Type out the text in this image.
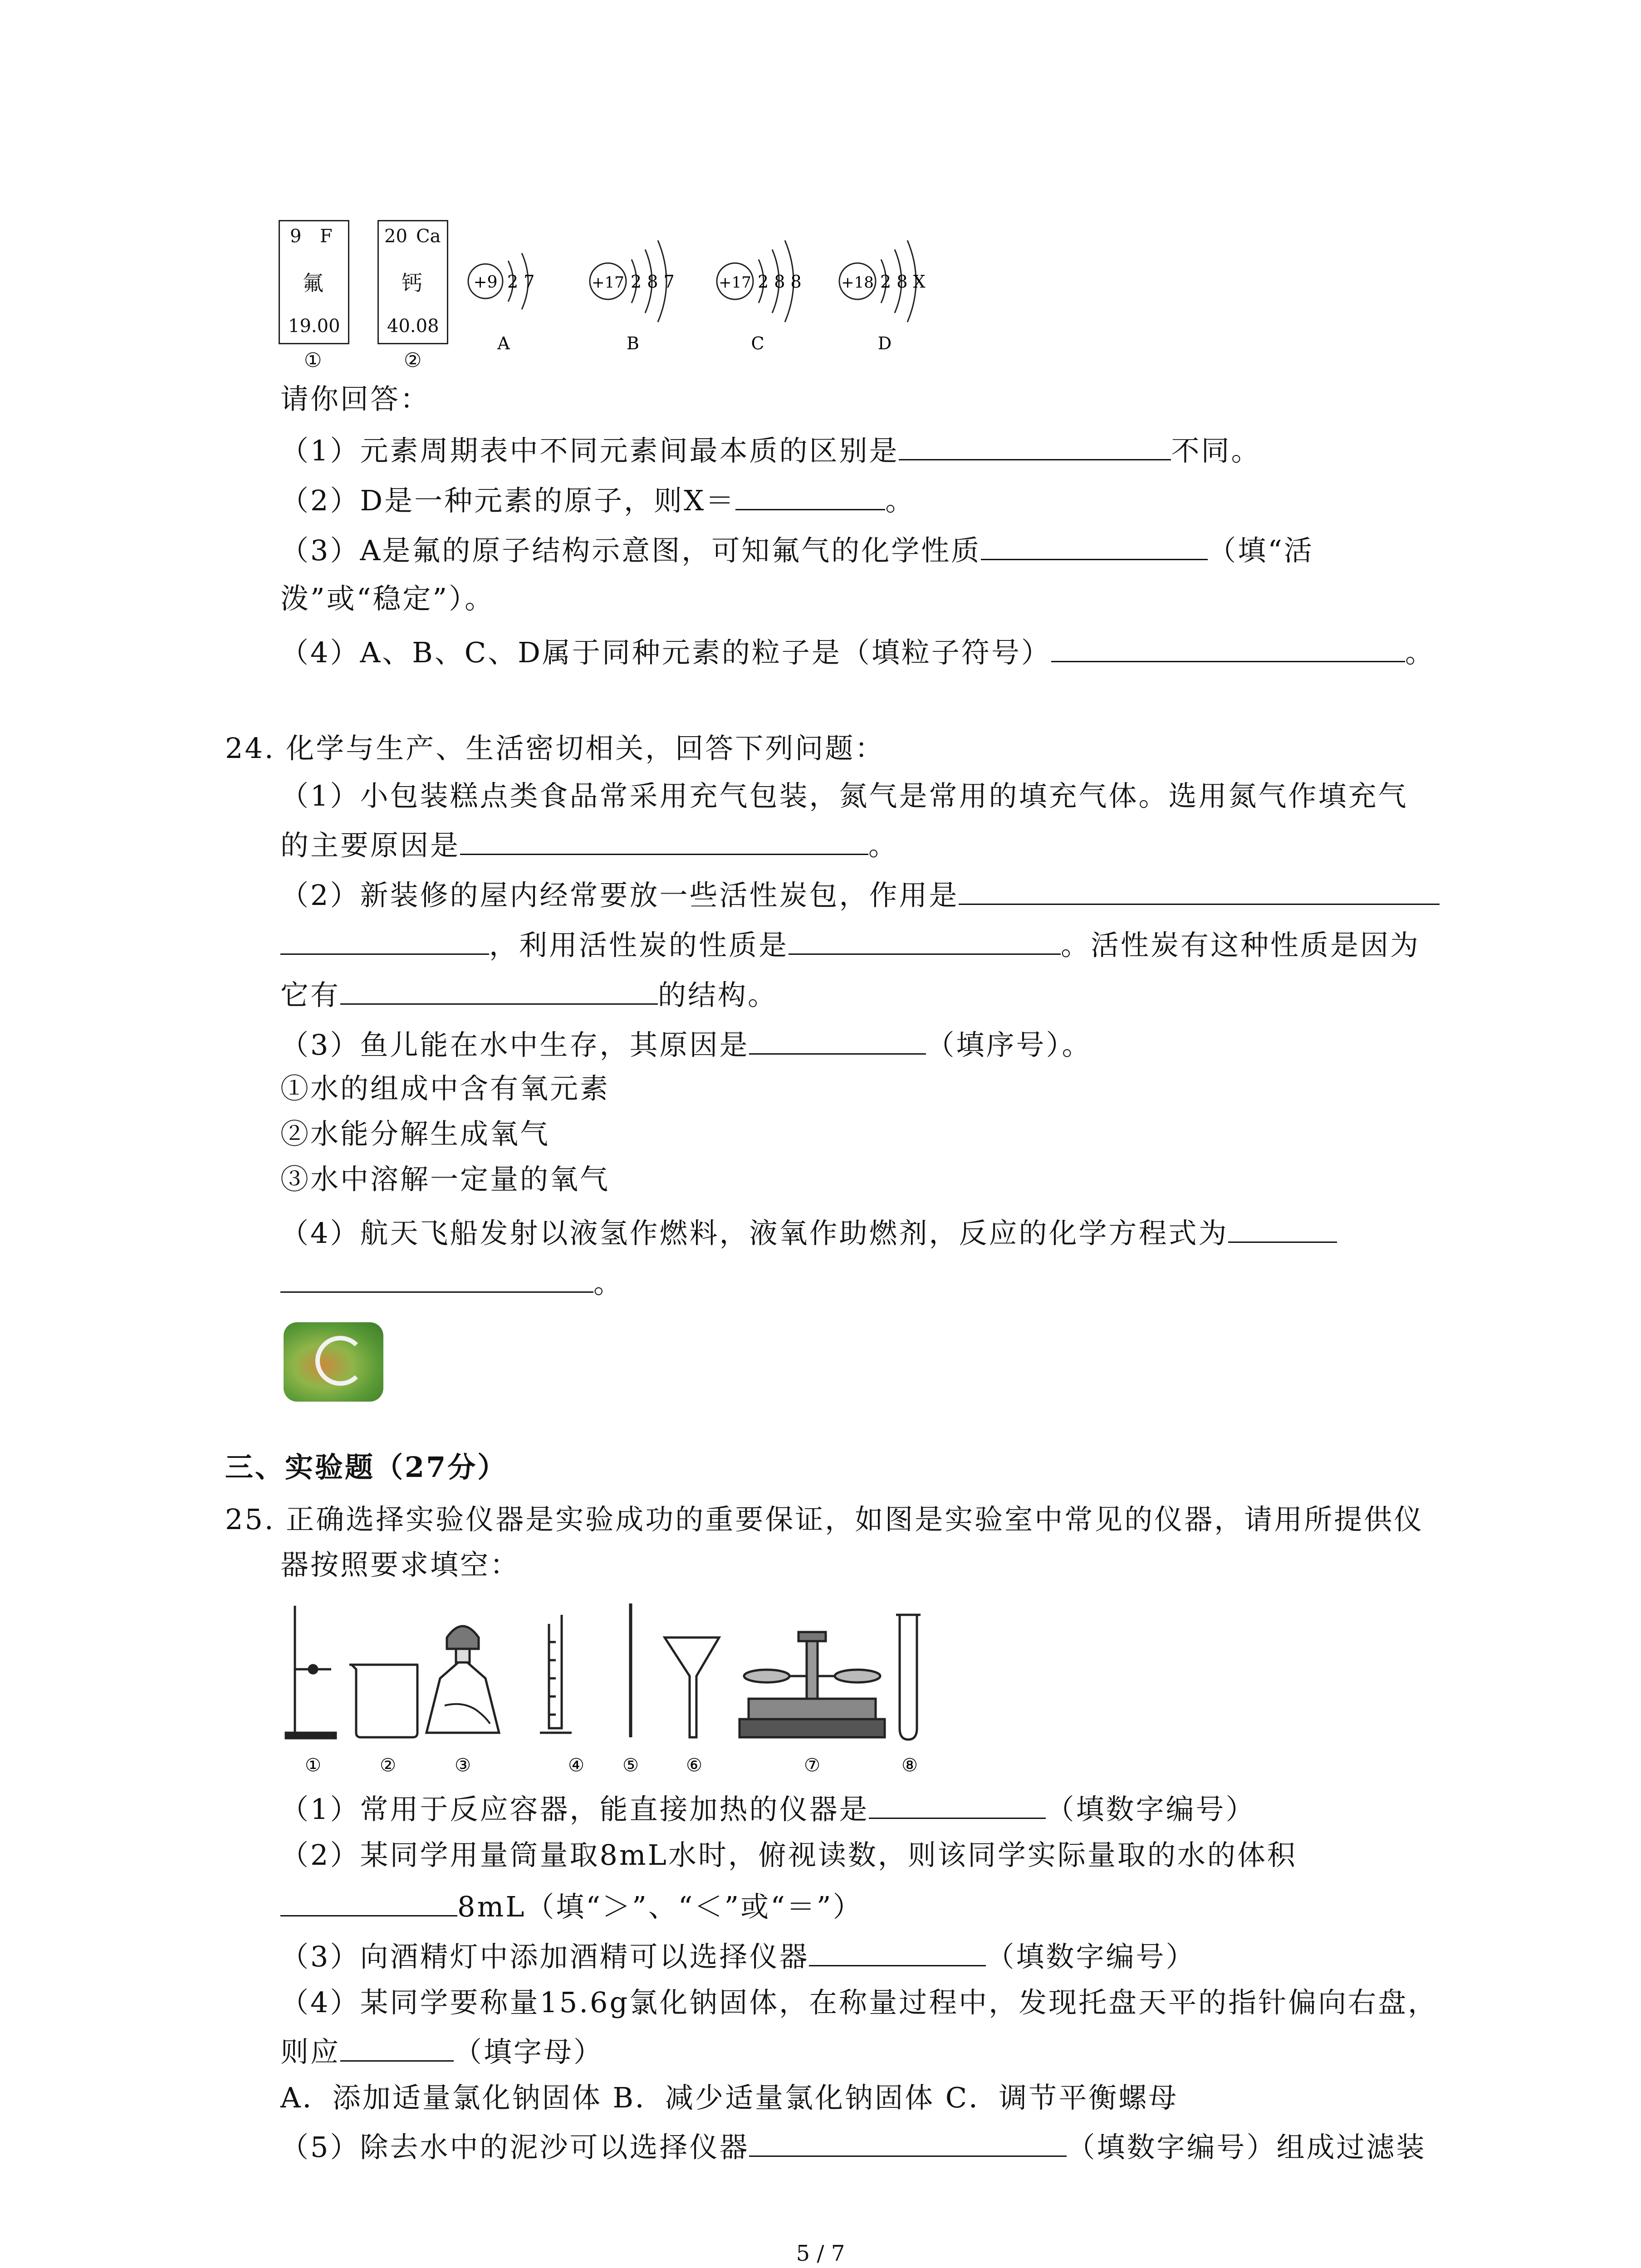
9 F
氟
19.00
①
20 Ca
钙
40.08
②
+9 2 7
A
+17 2 8 7
B
+17 2 8 8
C
+18 2 8 X
D
请你回答：
（1）元素周期表中不同元素间最本质的区别是	不同。
（2）D是一种元素的原子，则X＝	。
（3）A是氟的原子结构示意图，可知氟气的化学性质	（填“活
泼”或“稳定”）。
（4）A、B、C、D属于同种元素的粒子是（填粒子符号）	。
24. 化学与生产、生活密切相关，回答下列问题：
（1）小包装糕点类食品常采用充气包装，氮气是常用的填充气体。选用氮气作填充气
的主要原因是	。
（2）新装修的屋内经常要放一些活性炭包，作用是
，利用活性炭的性质是	。活性炭有这种性质是因为
它有	的结构。
（3）鱼儿能在水中生存，其原因是	（填序号）。
①水的组成中含有氧元素
②水能分解生成氧气
③水中溶解一定量的氧气
（4）航天飞船发射以液氢作燃料，液氧作助燃剂，反应的化学方程式为
。
三、实验题（27分）
25. 正确选择实验仪器是实验成功的重要保证，如图是实验室中常见的仪器，请用所提供仪
器按照要求填空：
①	②	③	④ ⑤	⑥	⑦	⑧
（1）常用于反应容器，能直接加热的仪器是	（填数字编号）
（2）某同学用量筒量取8mL水时，俯视读数，则该同学实际量取的水的体积
8mL（填“＞”、“＜”或“＝”）
（3）向酒精灯中添加酒精可以选择仪器	（填数字编号）
（4）某同学要称量15.6g氯化钠固体，在称量过程中，发现托盘天平的指针偏向右盘，
则应	（填字母）
A．添加适量氯化钠固体 B．减少适量氯化钠固体 C．调节平衡螺母
（5）除去水中的泥沙可以选择仪器	（填数字编号）组成过滤装
5 / 7
